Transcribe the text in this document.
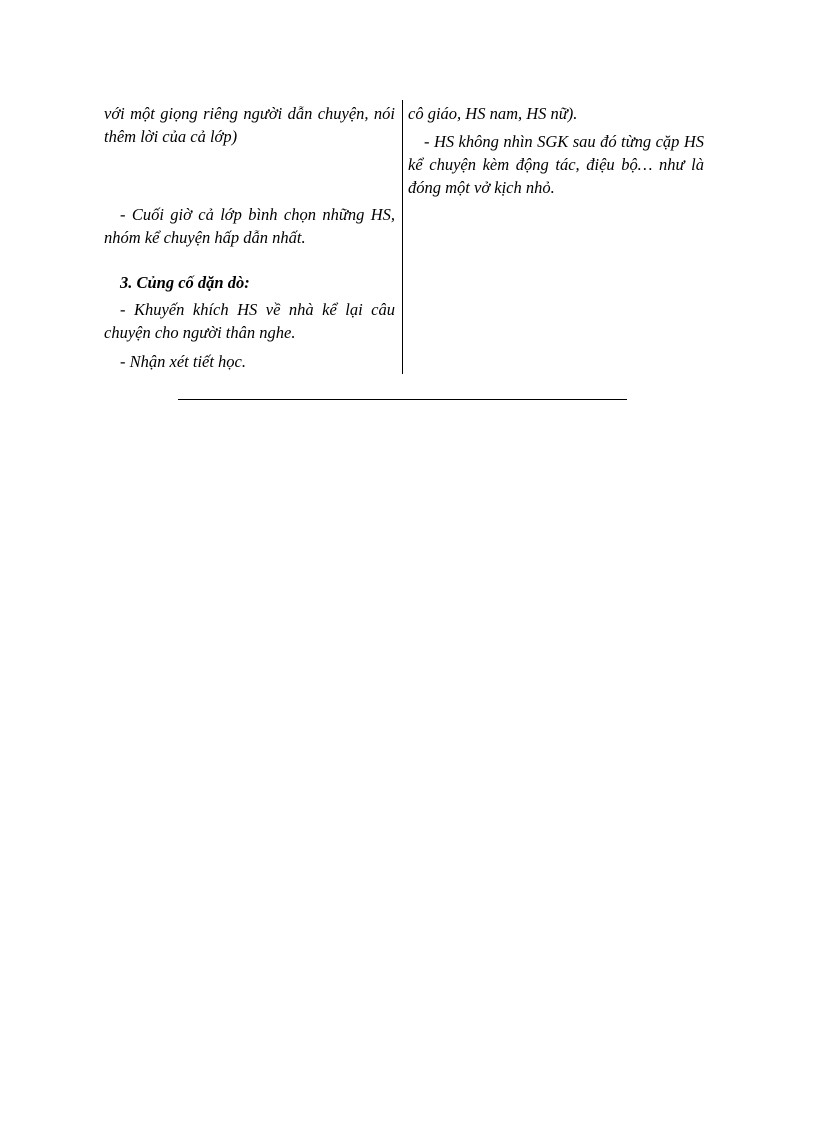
với một giọng riêng người dẫn chuyện, nói thêm lời của cả lớp)

- Cuối giờ cả lớp bình chọn những HS, nhóm kể chuyện hấp dẫn nhất.

3. Củng cố dặn dò:

- Khuyến khích HS về nhà kể lại câu chuyện cho người thân nghe.

- Nhận xét tiết học.

cô giáo, HS nam, HS nữ).

- HS không nhìn SGK sau đó từng cặp HS kể chuyện kèm động tác, điệu bộ… như là đóng một vở kịch nhỏ.
